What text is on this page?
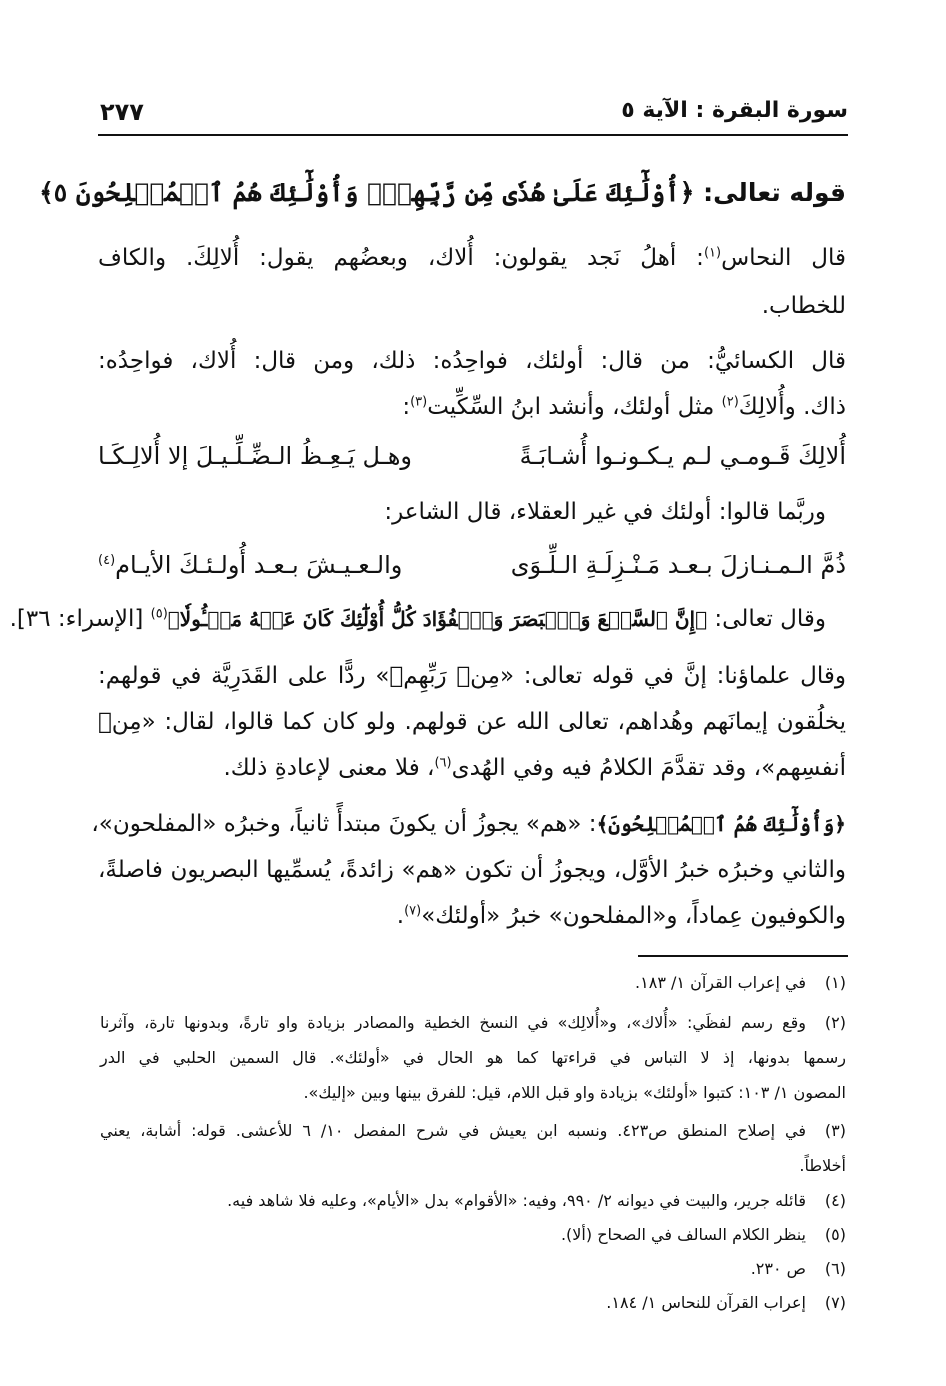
سورة البقرة : الآية ٥
٢٧٧
قوله تعالى: ﴿أُوْلَٰٓئِكَ عَلَىٰ هُدٗى مِّن رَّبِّهِمۡۖ وَأُوْلَٰٓئِكَ هُمُ ٱلۡمُفۡلِحُونَ ٥﴾
قال النحاس$^{(١)}$: أهلُ نَجد يقولون: أُلاك، وبعضُهم يقول: أُلالِكَ. والكاف
للخطاب.
قال الكسائيُّ: من قال: أولئك، فواحِدُه: ذلك، ومن قال: أُلاك، فواحِدُه:
ذاك. وأُلالِكَ$^{(٢)}$ مثل أولئك، وأنشد ابنُ السِّكِّيت$^{(٣)}$:
أُلالِكَ قَـومـي لـم يـكـونـوا أُشـابَـةً
وهـل يَـعِـظُ الـضِّـلِّـيـلَ إلا أُلالِـكَـا
وربَّما قالوا: أولئك في غير العقلاء، قال الشاعر:
ذُمَّ الـمـنـازلَ بـعـد مَـنْـزِلَـةِ الـلِّـوَى
والـعـيـشَ بـعـد أُولـئـكَ الأيـام$^{(٤)}$
وقال تعالى: ﴿إِنَّ ٱلسَّمۡعَ وَٱلۡبَصَرَ وَٱلۡفُؤَادَ كُلُّ أُوْلَٰٓئِكَ كَانَ عَنۡهُ مَسۡـُٔولٗا﴾$^{(٥)}$ [الإسراء: ٣٦].
وقال علماؤنا: إنَّ في قوله تعالى: «مِنۡ رَبِّهِمۡ» ردًّا على القَدَرِيَّة في قولهم:
يخلُقون إيمانَهم وهُداهم، تعالى الله عن قولهم. ولو كان كما قالوا، لقال: «مِنۡ
أنفسِهم»، وقد تقدَّمَ الكلامُ فيه وفي الهُدى$^{(٦)}$، فلا معنى لإعادةِ ذلك.
﴿وَأُوْلَٰٓئِكَ هُمُ ٱلۡمُفۡلِحُونَ﴾: «هم» يجوزُ أن يكونَ مبتدأً ثانياً، وخبرُه «المفلحون»،
والثاني وخبرُه خبرُ الأوَّل، ويجوزُ أن تكون «هم» زائدةً، يُسمِّيها البصريون فاصلةً،
والكوفيون عِماداً، و«المفلحون» خبرُ «أولئك»$^{(٧)}$.
(١)
في إعراب القرآن ١/ ١٨٣.
(٢)
وقع رسم لفظَي: «أُلاك»، و«أُلالِك» في النسخ الخطية والمصادر بزيادة واو تارةً، وبدونها تارة، وآثرنا
رسمها بدونها، إذ لا التباس في قراءتها كما هو الحال في «أولئك». قال السمين الحلبي في الدر
المصون ١/ ١٠٣: كتبوا «أولئك» بزيادة واو قبل اللام، قيل: للفرق بينها وبين «إليك».
(٣)
في إصلاح المنطق ص٤٢٣. ونسبه ابن يعيش في شرح المفصل ١٠/ ٦ للأعشى. قوله: أشابة، يعني
أخلاطاً.
(٤)
قائله جرير، والبيت في ديوانه ٢/ ٩٩٠، وفيه: «الأقوام» بدل «الأيام»، وعليه فلا شاهد فيه.
(٥)
ينظر الكلام السالف في الصحاح (ألا).
(٦)
ص ٢٣٠.
(٧)
إعراب القرآن للنحاس ١/ ١٨٤.
